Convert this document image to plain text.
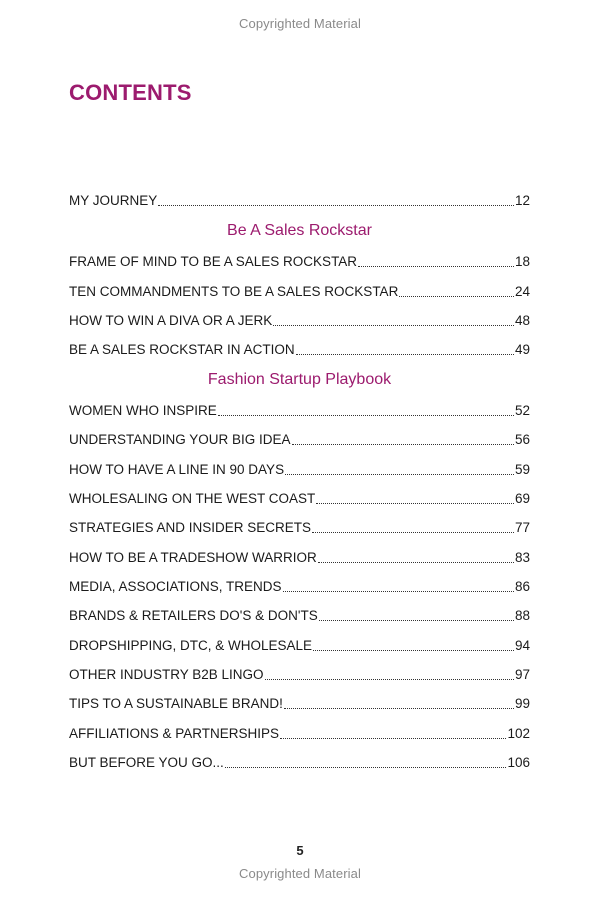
Copyrighted Material
CONTENTS
MY JOURNEY	12
Be A Sales Rockstar
FRAME OF MIND TO BE A SALES ROCKSTAR	18
TEN COMMANDMENTS TO BE A SALES ROCKSTAR	24
HOW TO WIN A DIVA OR A JERK	48
BE A SALES ROCKSTAR IN ACTION	49
Fashion Startup Playbook
WOMEN WHO INSPIRE	52
UNDERSTANDING YOUR BIG IDEA	56
HOW TO HAVE A LINE IN 90 DAYS	59
WHOLESALING ON THE WEST COAST	69
STRATEGIES AND INSIDER SECRETS	77
HOW TO BE A TRADESHOW WARRIOR	83
MEDIA, ASSOCIATIONS, TRENDS	86
BRANDS & RETAILERS DO'S & DON'TS	88
DROPSHIPPING, DTC, & WHOLESALE	94
OTHER INDUSTRY B2B LINGO	97
TIPS TO A SUSTAINABLE BRAND!	99
AFFILIATIONS & PARTNERSHIPS	102
BUT BEFORE YOU GO...	106
5
Copyrighted Material
